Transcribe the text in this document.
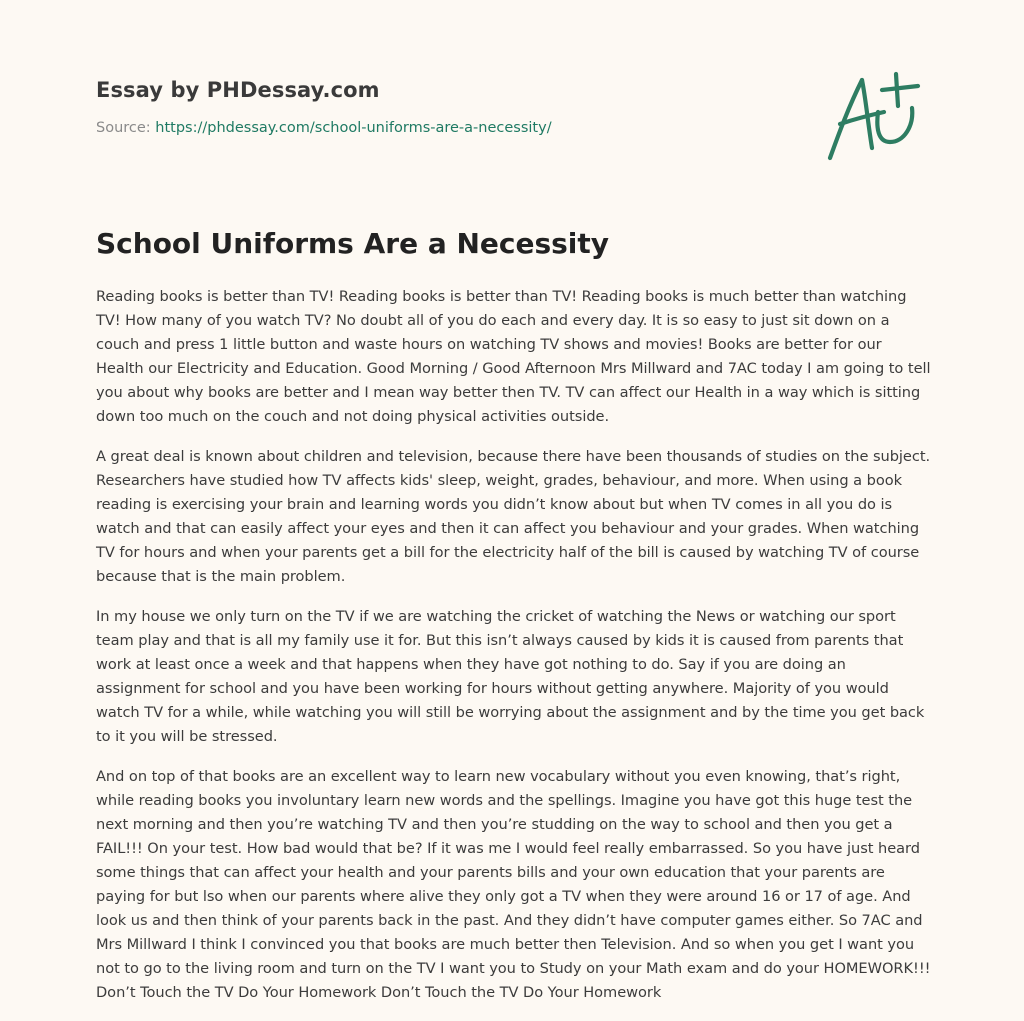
Essay by PHDessay.com
Source: https://phdessay.com/school-uniforms-are-a-necessity/
School Uniforms Are a Necessity

Reading books is better than TV! Reading books is better than TV! Reading books is much better than watching TV! How many of you watch TV? No doubt all of you do each and every day. It is so easy to just sit down on a couch and press 1 little button and waste hours on watching TV shows and movies! Books are better for our Health our Electricity and Education. Good Morning / Good Afternoon Mrs Millward and 7AC today I am going to tell you about why books are better and I mean way better then TV. TV can affect our Health in a way which is sitting down too much on the couch and not doing physical activities outside.

A great deal is known about children and television, because there have been thousands of studies on the subject. Researchers have studied how TV affects kids' sleep, weight, grades, behaviour, and more. When using a book reading is exercising your brain and learning words you didn’t know about but when TV comes in all you do is watch and that can easily affect your eyes and then it can affect you behaviour and your grades. When watching TV for hours and when your parents get a bill for the electricity half of the bill is caused by watching TV of course because that is the main problem.

In my house we only turn on the TV if we are watching the cricket of watching the News or watching our sport team play and that is all my family use it for. But this isn’t always caused by kids it is caused from parents that work at least once a week and that happens when they have got nothing to do. Say if you are doing an assignment for school and you have been working for hours without getting anywhere. Majority of you would watch TV for a while, while watching you will still be worrying about the assignment and by the time you get back to it you will be stressed.

And on top of that books are an excellent way to learn new vocabulary without you even knowing, that’s right, while reading books you involuntary learn new words and the spellings. Imagine you have got this huge test the next morning and then you’re watching TV and then you’re studding on the way to school and then you get a FAIL!!! On your test. How bad would that be? If it was me I would feel really embarrassed. So you have just heard some things that can affect your health and your parents bills and your own education that your parents are paying for but lso when our parents where alive they only got a TV when they were around 16 or 17 of age. And look us and then think of your parents back in the past. And they didn’t have computer games either. So 7AC and Mrs Millward I think I convinced you that books are much better then Television. And so when you get I want you not to go to the living room and turn on the TV I want you to Study on your Math exam and do your HOMEWORK!!! Don’t Touch the TV Do Your Homework Don’t Touch the TV Do Your Homework
